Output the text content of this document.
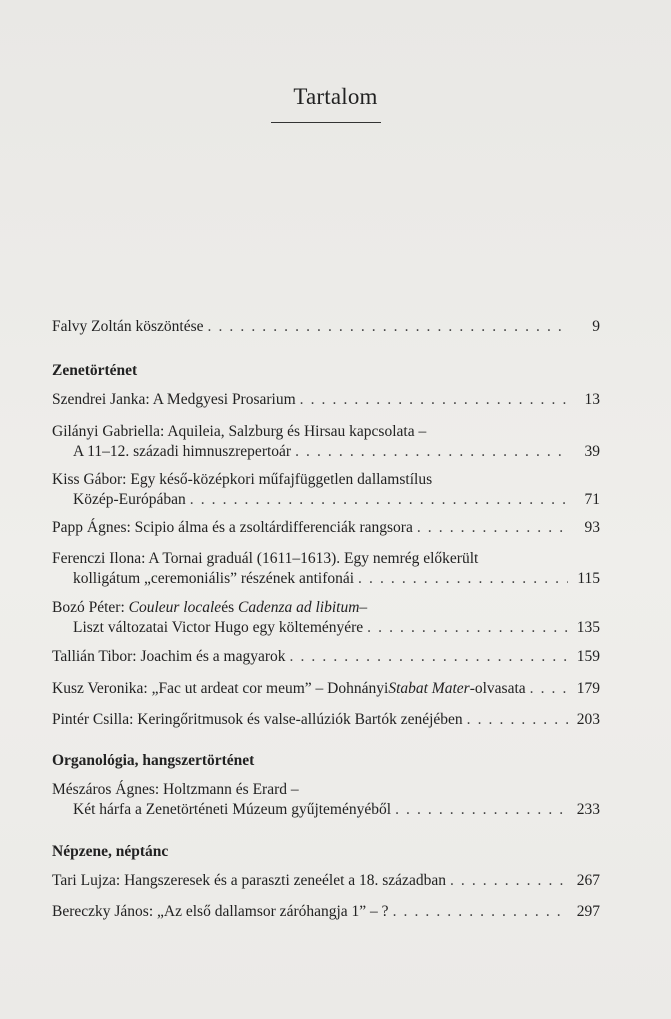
Tartalom
Falvy Zoltán köszöntése . . .	9
Zenetörténet
Szendrei Janka: A Medgyesi Prosarium . . .	13
Gilányi Gabriella: Aquileia, Salzburg és Hirsau kapcsolata –
A 11–12. századi himnuszrepertoár . . .	39
Kiss Gábor: Egy késő-középkori műfajfüggetlen dallamstílus
Közép-Európában . . .	71
Papp Ágnes: Scipio álma és a zsoltárdifferenciák rangsora . . .	93
Ferenczi Ilona: A Tornai graduál (1611–1613). Egy nemrég előkerült
kolligátum „ceremoniális” részének antifonái . . .	115
Bozó Péter:
Couleur locale és
Cadenza ad libitum –
Liszt változatai Victor Hugo egy költeményére . . .	135
Tallián Tibor: Joachim és a magyarok . . .	159
Kusz Veronika: „Fac ut ardeat cor meum” – Dohnányi Stabat Mater -olvasata . . .	179
Pintér Csilla: Keringőritmusok és valse-allúziók Bartók zenéjében . . .	203
Organológia, hangszertörténet
Mészáros Ágnes: Holtzmann és Erard –
Két hárfa a Zenetörténeti Múzeum gyűjteményéből . . .	233
Népzene, néptánc
Tari Lujza: Hangszeresek és a paraszti zeneélet a 18. században . . .	267
Bereczky János: „Az első dallamsor záróhangja 1” – ? . . .	297
